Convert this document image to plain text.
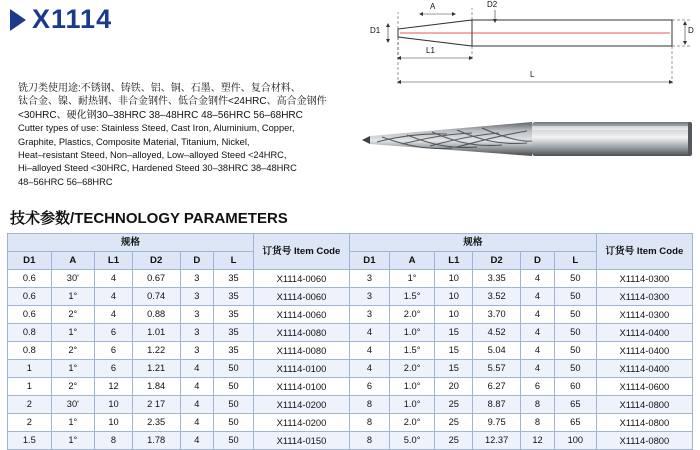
X1114	D1
A	D2
L1
D
L
铣刀类使用途:不锈钢、铸铁、铝、铜、石墨、塑件、复合材料、
钛合金、镍、耐热钢、非合金钢件、低合金钢件<24HRC、高合金钢件
<30HRC、硬化钢30–38HRC 38–48HRC 48–56HRC 56–68HRC
Cutter types of use: Stainless Steed, Cast Iron, Aluminium, Copper,
Graphite, Plastics, Composite Material, Titanium, Nickel,
Heat–resistant Steed, Non–alloyed, Low–alloyed Steed <24HRC,
Hi–alloyed Steed <30HRC, Hardened Steed 30–38HRC 38–48HRC
48–56HRC 56–68HRC
技术参数/TECHNOLOGY PARAMETERS
规格						订货号 Item Code	规格						订货号 Item Code
D1	A	L1	D2	D	L		D1	A	L1	D2	D	L	
0.6	30'	4	0.67	3	35	X1114-0060	3	1°	10	3.35	4	50	X1114-0300
0.6	1°	4	0.74	3	35	X1114-0060	3	1.5°	10	3.52	4	50	X1114-0300
0.6	2°	4	0.88	3	35	X1114-0060	3	2.0°	10	3.70	4	50	X1114-0300
0.8	1°	6	1.01	3	35	X1114-0080	4	1.0°	15	4.52	4	50	X1114-0400
0.8	2°	6	1.22	3	35	X1114-0080	4	1.5°	15	5.04	4	50	X1114-0400
1	1°	6	1.21	4	50	X1114-0100	4	2.0°	15	5.57	4	50	X1114-0400
1	2°	12	1.84	4	50	X1114-0100	6	1.0°	20	6.27	6	60	X1114-0600
2	30'	10	2 17	4	50	X1114-0200	8	1.0°	25	8.87	8	65	X1114-0800
2	1°	10	2.35	4	50	X1114-0200	8	2.0°	25	9.75	8	65	X1114-0800
1.5	1°	8	1.78	4	50	X1114-0150	8	5.0°	25	12.37	12	100	X1114-0800
